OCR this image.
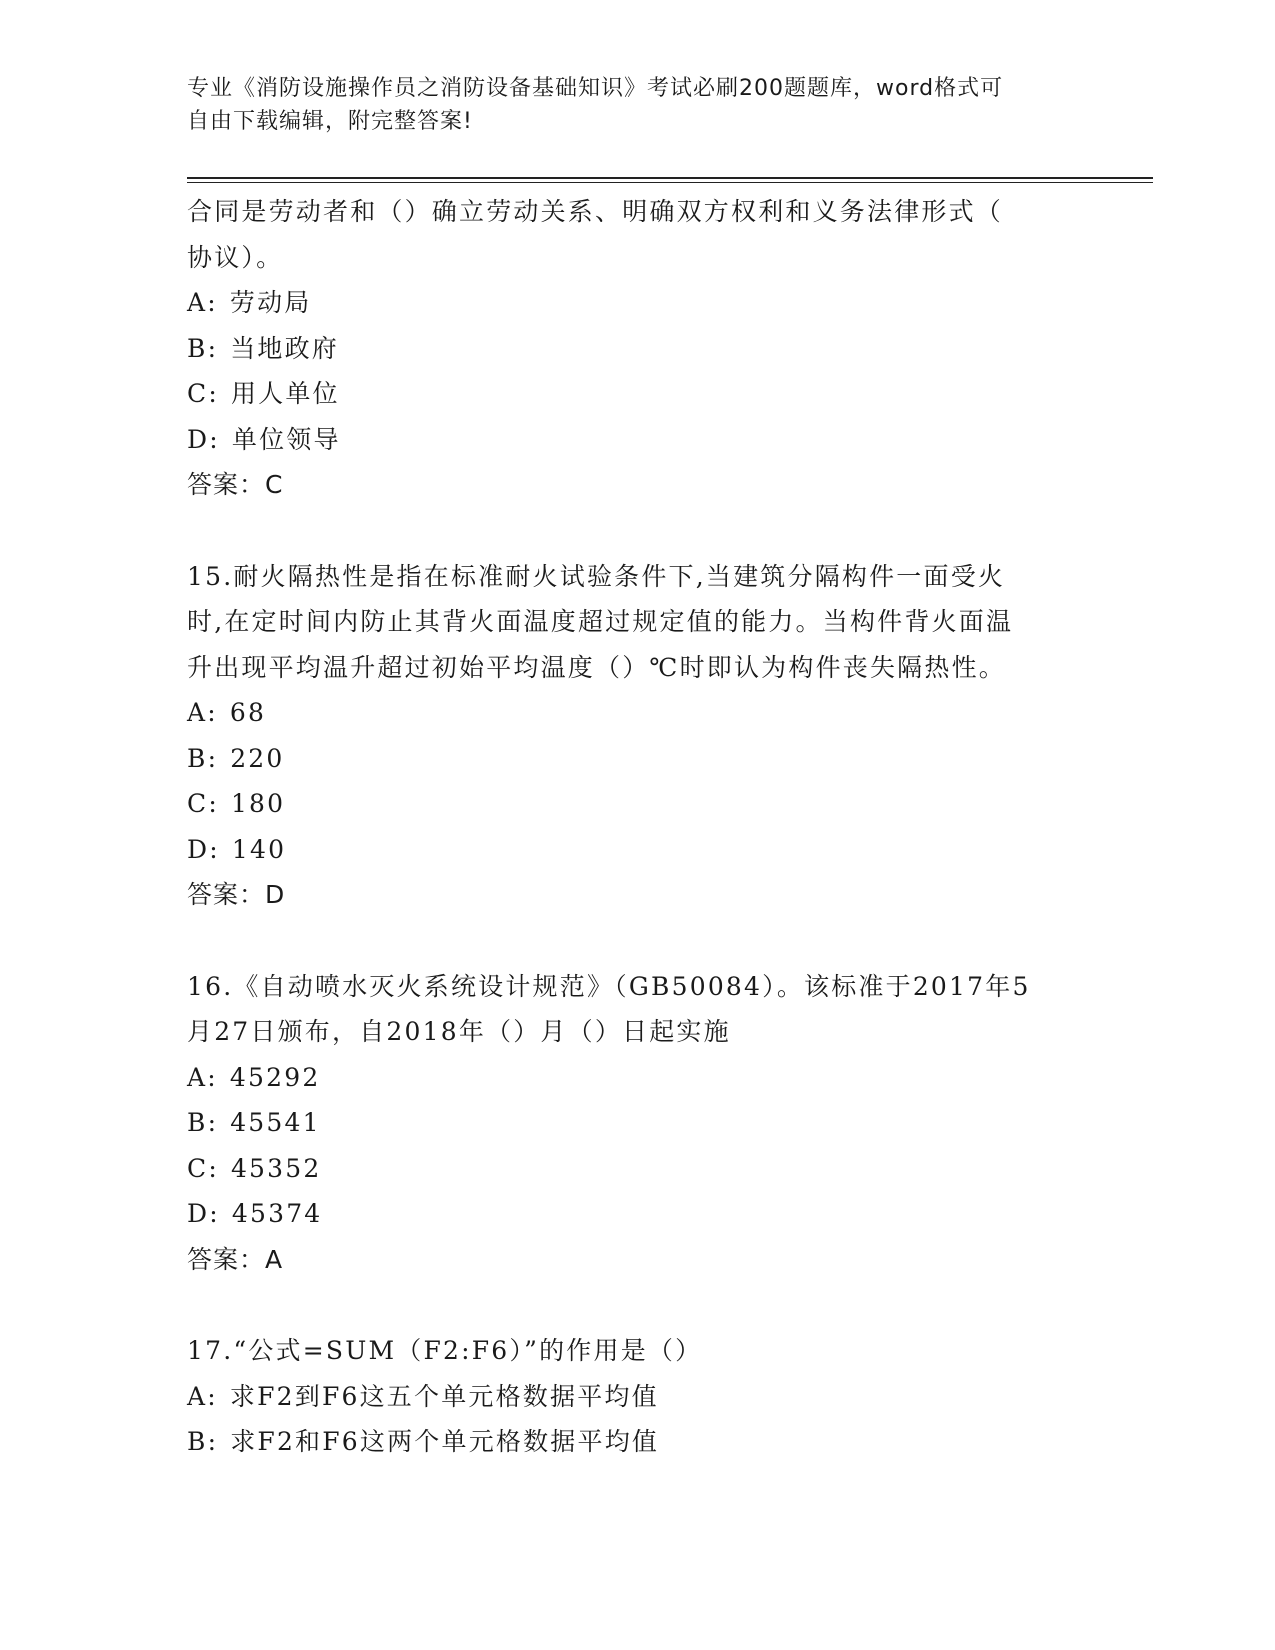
专业《消防设施操作员之消防设备基础知识》考试必刷200题题库，word格式可
自由下载编辑，附完整答案!
合同是劳动者和（）确立劳动关系、明确双方权利和义务法律形式（
协议）。
A: 劳动局
B: 当地政府
C: 用人单位
D: 单位领导
答案：C
15.耐火隔热性是指在标准耐火试验条件下,当建筑分隔构件一面受火
时,在定时间内防止其背火面温度超过规定值的能力。当构件背火面温
升出现平均温升超过初始平均温度（）℃时即认为构件丧失隔热性。
A: 68
B: 220
C: 180
D: 140
答案：D
16.《自动喷水灭火系统设计规范》（GB50084）。该标准于2017年5
月27日颁布，自2018年（）月（）日起实施
A: 45292
B: 45541
C: 45352
D: 45374
答案：A
17.“公式=SUM（F2:F6）”的作用是（）
A: 求F2到F6这五个单元格数据平均值
B: 求F2和F6这两个单元格数据平均值
